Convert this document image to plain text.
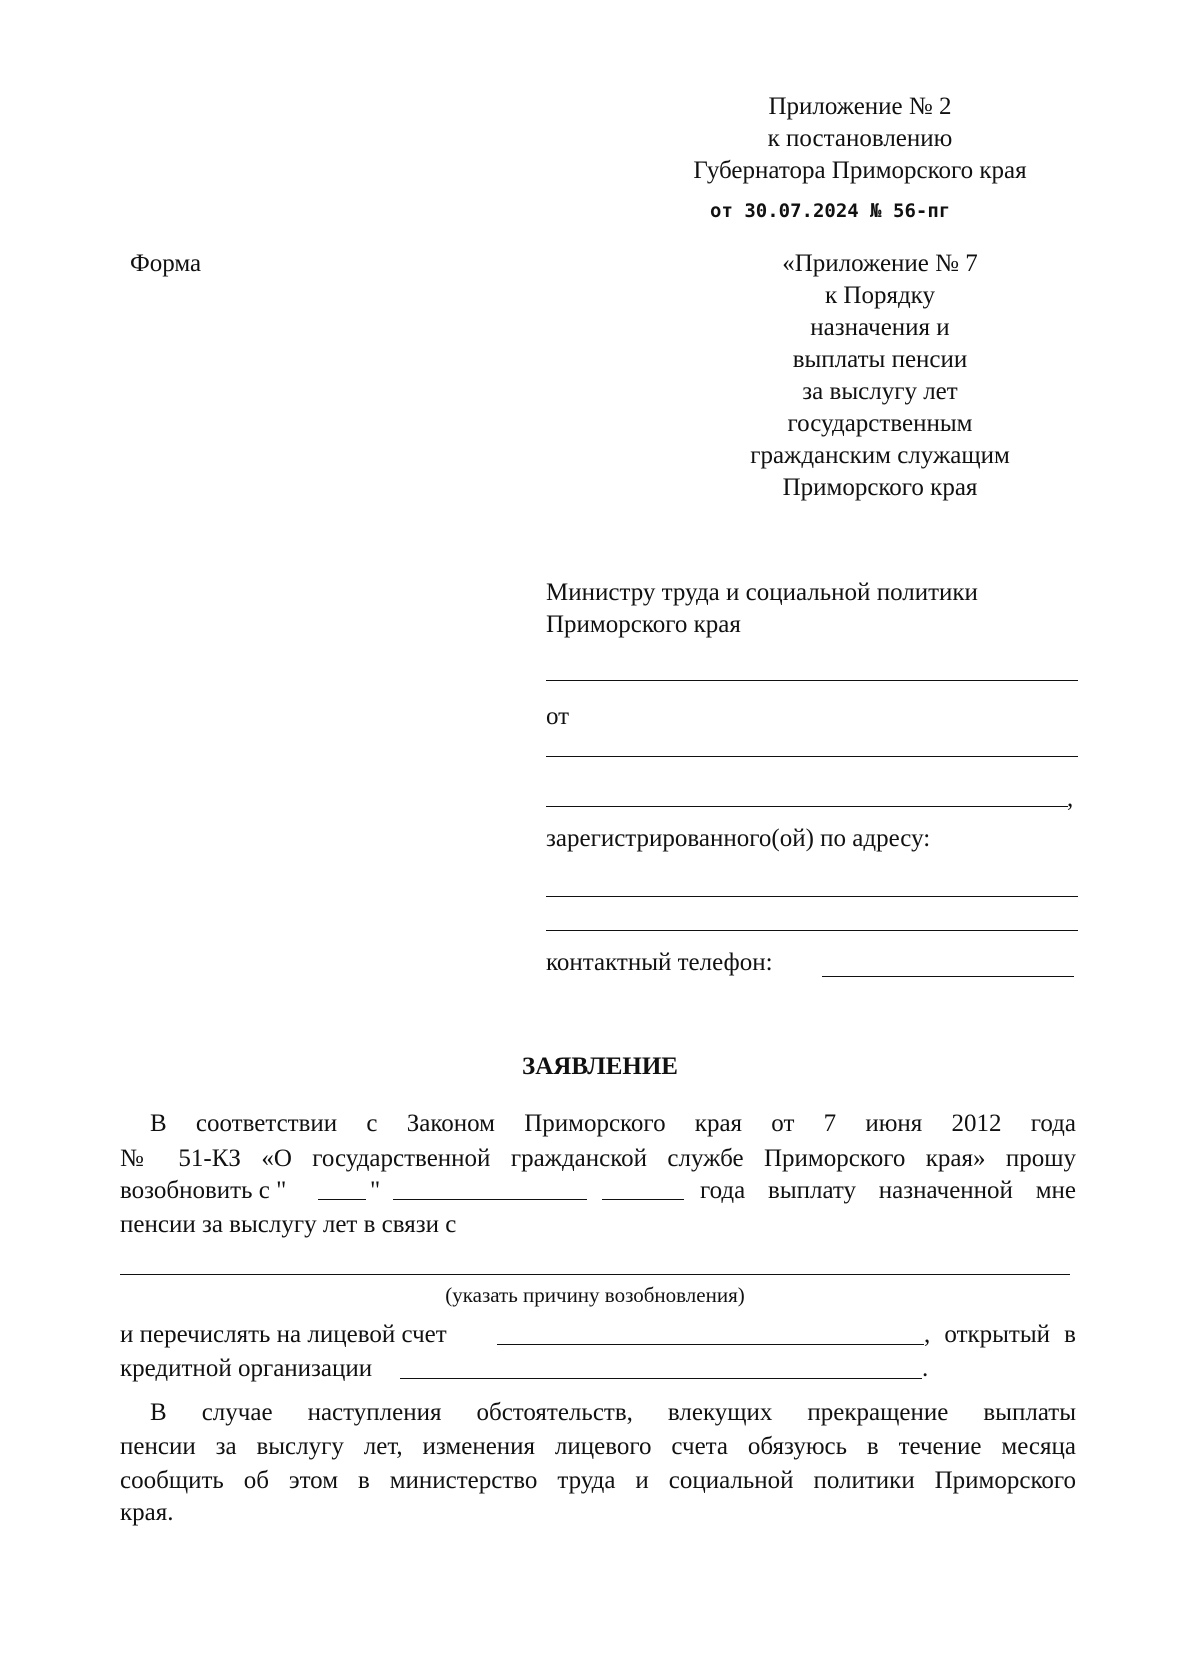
Приложение № 2
к постановлению
Губернатора Приморского края
от 30.07.2024 № 56-пг
Форма	«Приложение № 7
к Порядку
назначения и
выплаты пенсии
за выслугу лет
государственным
гражданским служащим
Приморского края
Министру труда и социальной политики
Приморского края
от
,
зарегистрированного(ой) по адресу:
контактный телефон:
ЗАЯВЛЕНИЕ
В соответствии с Законом Приморского края от 7 июня 2012 года
№ 51-КЗ «О государственной гражданской службе Приморского края» прошу
возобновить с "	"	года выплату назначенной мне
пенсии за выслугу лет в связи с
(указать причину возобновления)
и перечислять на лицевой счет	, открытый в
кредитной организации	.
В случае наступления обстоятельств, влекущих прекращение выплаты
пенсии за выслугу лет, изменения лицевого счета обязуюсь в течение месяца
сообщить об этом в министерство труда и социальной политики Приморского
края.
